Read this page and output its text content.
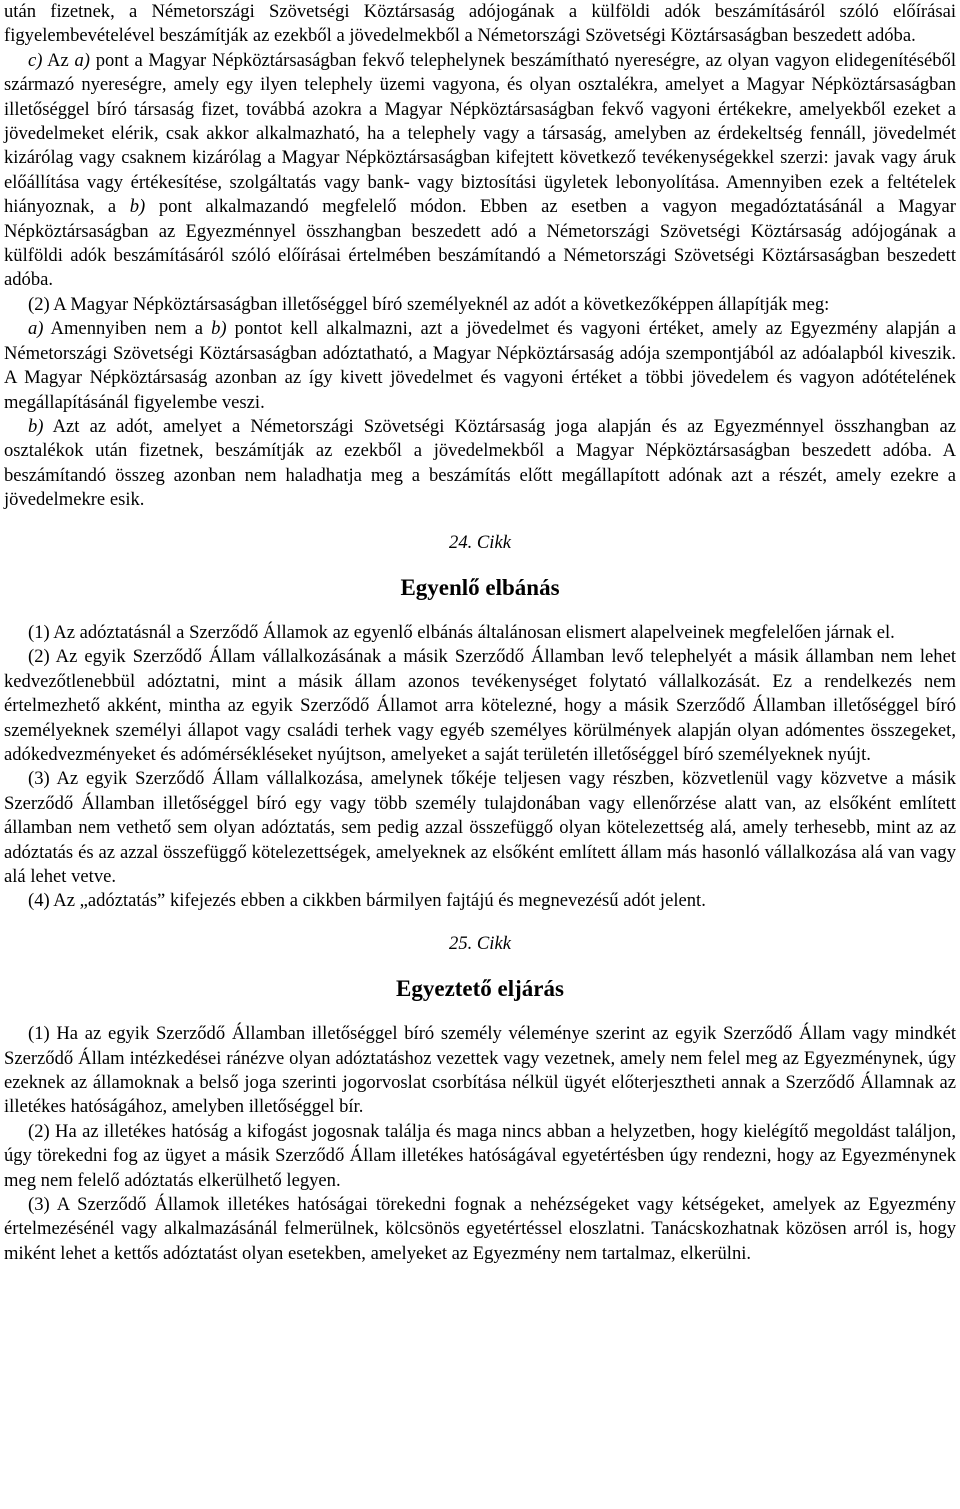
után fizetnek, a Németországi Szövetségi Köztársaság adójogának a külföldi adók beszámításáról szóló előírásai figyelembevételével beszámítják az ezekből a jövedelmekből a Németországi Szövetségi Köztársaságban beszedett adóba.

c) Az a) pont a Magyar Népköztársaságban fekvő telephelynek beszámítható nyereségre, az olyan vagyon elidegenítéséből származó nyereségre, amely egy ilyen telephely üzemi vagyona, és olyan osztalékra, amelyet a Magyar Népköztársaságban illetőséggel bíró társaság fizet, továbbá azokra a Magyar Népköztársaságban fekvő vagyoni értékekre, amelyekből ezeket a jövedelmeket elérik, csak akkor alkalmazható, ha a telephely vagy a társaság, amelyben az érdekeltség fennáll, jövedelmét kizárólag vagy csaknem kizárólag a Magyar Népköztársaságban kifejtett következő tevékenységekkel szerzi: javak vagy áruk előállítása vagy értékesítése, szolgáltatás vagy bank- vagy biztosítási ügyletek lebonyolítása. Amennyiben ezek a feltételek hiányoznak, a b) pont alkalmazandó megfelelő módon. Ebben az esetben a vagyon megadóztatásánál a Magyar Népköztársaságban az Egyezménnyel összhangban beszedett adó a Németországi Szövetségi Köztársaság adójogának a külföldi adók beszámításáról szóló előírásai értelmében beszámítandó a Németországi Szövetségi Köztársaságban beszedett adóba.

(2) A Magyar Népköztársaságban illetőséggel bíró személyeknél az adót a következőképpen állapítják meg:

a) Amennyiben nem a b) pontot kell alkalmazni, azt a jövedelmet és vagyoni értéket, amely az Egyezmény alapján a Németországi Szövetségi Köztársaságban adóztatható, a Magyar Népköztársaság adója szempontjából az adóalapból kiveszik. A Magyar Népköztársaság azonban az így kivett jövedelmet és vagyoni értéket a többi jövedelem és vagyon adótételének megállapításánál figyelembe veszi.

b) Azt az adót, amelyet a Németországi Szövetségi Köztársaság joga alapján és az Egyezménnyel összhangban az osztalékok után fizetnek, beszámítják az ezekből a jövedelmekből a Magyar Népköztársaságban beszedett adóba. A beszámítandó összeg azonban nem haladhatja meg a beszámítás előtt megállapított adónak azt a részét, amely ezekre a jövedelmekre esik.

24. Cikk

Egyenlő elbánás

(1) Az adóztatásnál a Szerződő Államok az egyenlő elbánás általánosan elismert alapelveinek megfelelően járnak el.

(2) Az egyik Szerződő Állam vállalkozásának a másik Szerződő Államban levő telephelyét a másik államban nem lehet kedvezőtlenebbül adóztatni, mint a másik állam azonos tevékenységet folytató vállalkozását. Ez a rendelkezés nem értelmezhető akként, mintha az egyik Szerződő Államot arra kötelezné, hogy a másik Szerződő Államban illetőséggel bíró személyeknek személyi állapot vagy családi terhek vagy egyéb személyes körülmények alapján olyan adómentes összegeket, adókedvezményeket és adómérsékléseket nyújtson, amelyeket a saját területén illetőséggel bíró személyeknek nyújt.

(3) Az egyik Szerződő Állam vállalkozása, amelynek tőkéje teljesen vagy részben, közvetlenül vagy közvetve a másik Szerződő Államban illetőséggel bíró egy vagy több személy tulajdonában vagy ellenőrzése alatt van, az elsőként említett államban nem vethető sem olyan adóztatás, sem pedig azzal összefüggő olyan kötelezettség alá, amely terhesebb, mint az az adóztatás és az azzal összefüggő kötelezettségek, amelyeknek az elsőként említett állam más hasonló vállalkozása alá van vagy alá lehet vetve.

(4) Az „adóztatás” kifejezés ebben a cikkben bármilyen fajtájú és megnevezésű adót jelent.

25. Cikk

Egyeztető eljárás

(1) Ha az egyik Szerződő Államban illetőséggel bíró személy véleménye szerint az egyik Szerződő Állam vagy mindkét Szerződő Állam intézkedései ránézve olyan adóztatáshoz vezettek vagy vezetnek, amely nem felel meg az Egyezménynek, úgy ezeknek az államoknak a belső joga szerinti jogorvoslat csorbítása nélkül ügyét előterjesztheti annak a Szerződő Államnak az illetékes hatóságához, amelyben illetőséggel bír.

(2) Ha az illetékes hatóság a kifogást jogosnak találja és maga nincs abban a helyzetben, hogy kielégítő megoldást találjon, úgy törekedni fog az ügyet a másik Szerződő Állam illetékes hatóságával egyetértésben úgy rendezni, hogy az Egyezménynek meg nem felelő adóztatás elkerülhető legyen.

(3) A Szerződő Államok illetékes hatóságai törekedni fognak a nehézségeket vagy kétségeket, amelyek az Egyezmény értelmezésénél vagy alkalmazásánál felmerülnek, kölcsönös egyetértéssel eloszlatni. Tanácskozhatnak közösen arról is, hogy miként lehet a kettős adóztatást olyan esetekben, amelyeket az Egyezmény nem tartalmaz, elkerülni.
